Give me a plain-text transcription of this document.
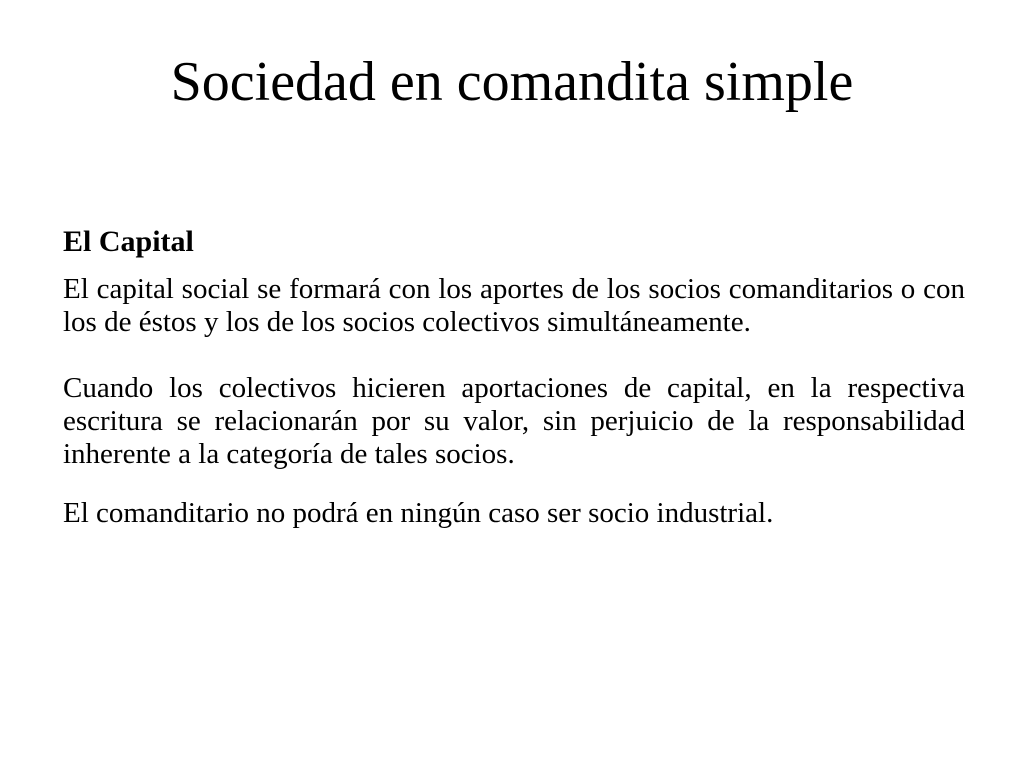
Sociedad en comandita simple
El Capital

El capital social se formará con los aportes de los socios comanditarios o con los de éstos y los de los socios colectivos simultáneamente.

Cuando los colectivos hicieren aportaciones de capital, en la respectiva escritura se relacionarán por su valor, sin perjuicio de la responsabilidad inherente a la categoría de tales socios.

El comanditario no podrá en ningún caso ser socio industrial.
